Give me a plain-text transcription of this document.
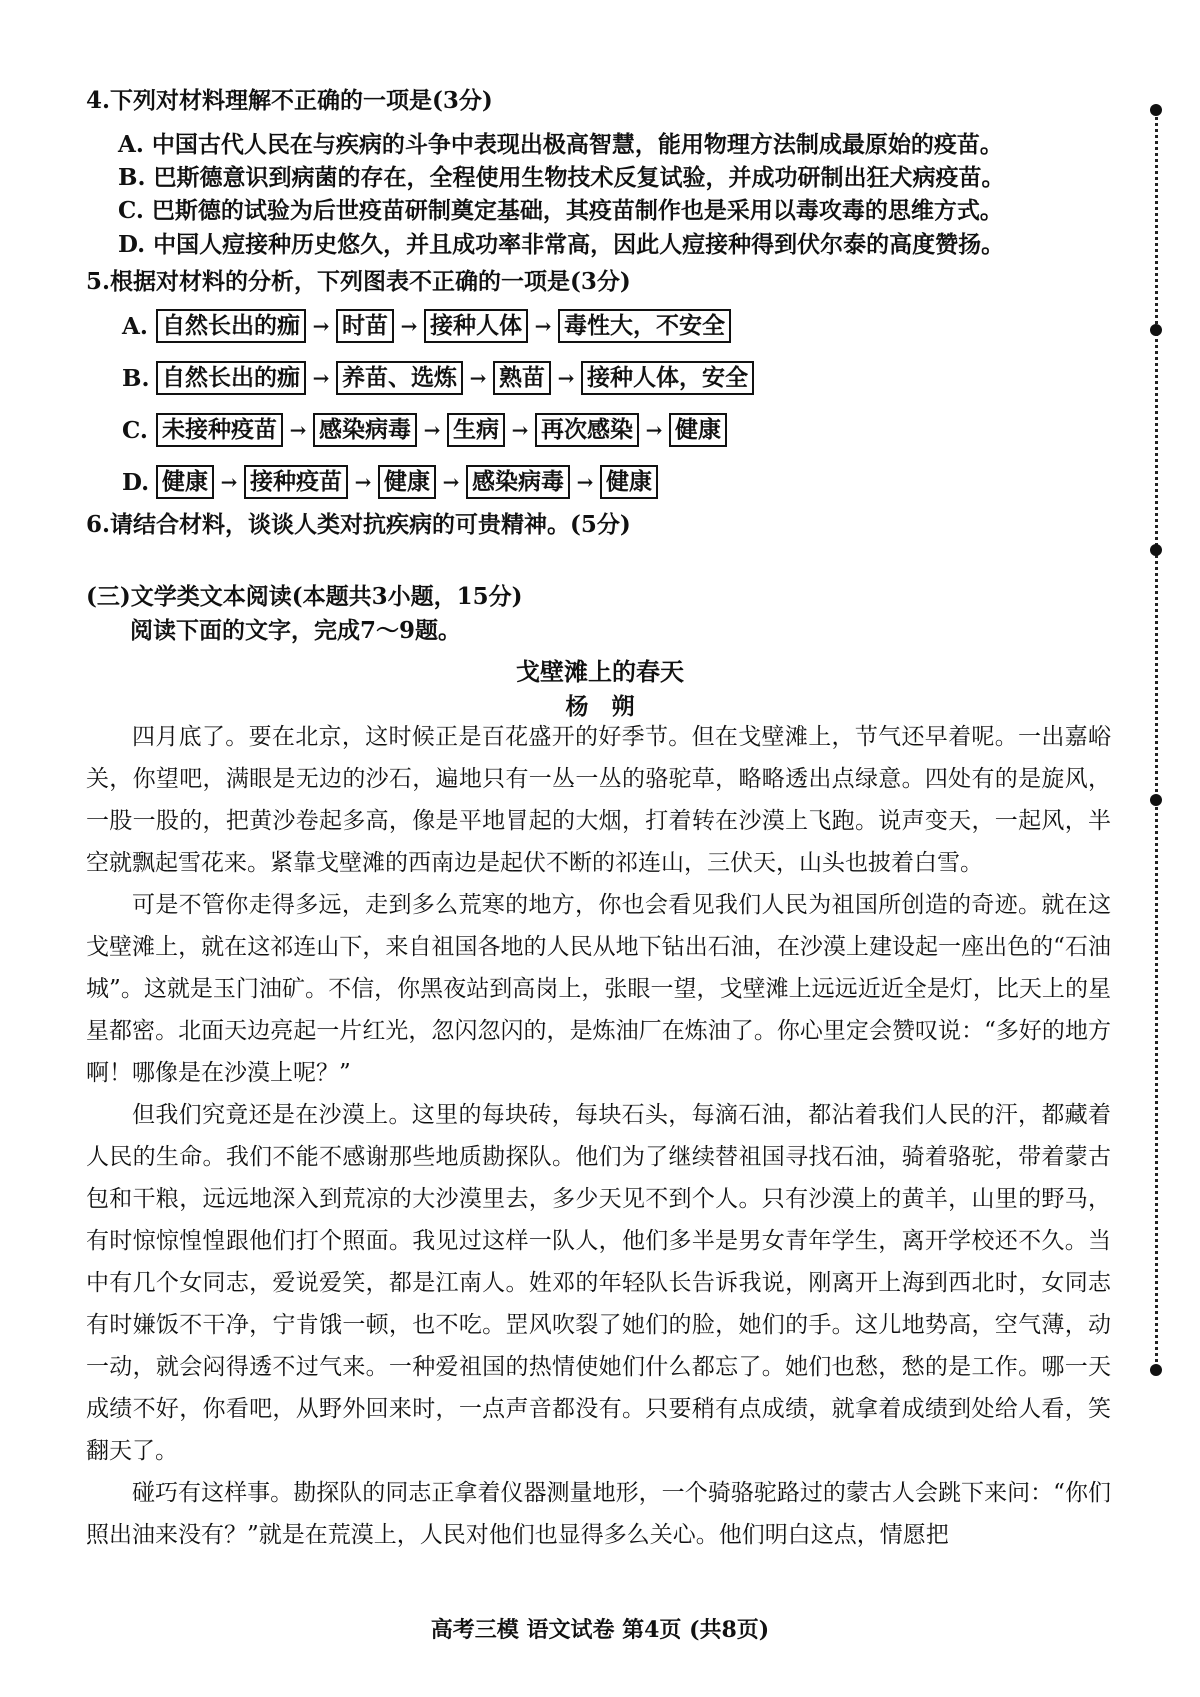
4.下列对材料理解不正确的一项是(3分)
A. 中国古代人民在与疾病的斗争中表现出极高智慧，能用物理方法制成最原始的疫苗。
B. 巴斯德意识到病菌的存在，全程使用生物技术反复试验，并成功研制出狂犬病疫苗。
C. 巴斯德的试验为后世疫苗研制奠定基础，其疫苗制作也是采用以毒攻毒的思维方式。
D. 中国人痘接种历史悠久，并且成功率非常高，因此人痘接种得到伏尔泰的高度赞扬。
5.根据对材料的分析，下列图表不正确的一项是(3分)
A. 自然长出的痂 → 时苗 → 接种人体 → 毒性大，不安全
B. 自然长出的痂 → 养苗、选炼 → 熟苗 → 接种人体，安全
C. 未接种疫苗 → 感染病毒 → 生病 → 再次感染 → 健康
D. 健康 → 接种疫苗 → 健康 → 感染病毒 → 健康
6.请结合材料，谈谈人类对抗疾病的可贵精神。(5分)
(三)文学类文本阅读(本题共3小题，15分)
阅读下面的文字，完成7～9题。
戈壁滩上的春天
杨　朔

四月底了。要在北京，这时候正是百花盛开的好季节。但在戈壁滩上，节气还早着呢。一出嘉峪关，你望吧，满眼是无边的沙石，遍地只有一丛一丛的骆驼草，略略透出点绿意。四处有的是旋风，一股一股的，把黄沙卷起多高，像是平地冒起的大烟，打着转在沙漠上飞跑。说声变天，一起风，半空就飘起雪花来。紧靠戈壁滩的西南边是起伏不断的祁连山，三伏天，山头也披着白雪。

可是不管你走得多远，走到多么荒寒的地方，你也会看见我们人民为祖国所创造的奇迹。就在这戈壁滩上，就在这祁连山下，来自祖国各地的人民从地下钻出石油，在沙漠上建设起一座出色的“石油城”。这就是玉门油矿。不信，你黑夜站到高岗上，张眼一望，戈壁滩上远远近近全是灯，比天上的星星都密。北面天边亮起一片红光，忽闪忽闪的，是炼油厂在炼油了。你心里定会赞叹说：“多好的地方啊！哪像是在沙漠上呢？”

但我们究竟还是在沙漠上。这里的每块砖，每块石头，每滴石油，都沾着我们人民的汗，都藏着人民的生命。我们不能不感谢那些地质勘探队。他们为了继续替祖国寻找石油，骑着骆驼，带着蒙古包和干粮，远远地深入到荒凉的大沙漠里去，多少天见不到个人。只有沙漠上的黄羊，山里的野马，有时惊惊惶惶跟他们打个照面。我见过这样一队人，他们多半是男女青年学生，离开学校还不久。当中有几个女同志，爱说爱笑，都是江南人。姓邓的年轻队长告诉我说，刚离开上海到西北时，女同志有时嫌饭不干净，宁肯饿一顿，也不吃。罡风吹裂了她们的脸，她们的手。这儿地势高，空气薄，动一动，就会闷得透不过气来。一种爱祖国的热情使她们什么都忘了。她们也愁，愁的是工作。哪一天成绩不好，你看吧，从野外回来时，一点声音都没有。只要稍有点成绩，就拿着成绩到处给人看，笑翻天了。

碰巧有这样事。勘探队的同志正拿着仪器测量地形，一个骑骆驼路过的蒙古人会跳下来问：“你们照出油来没有？”就是在荒漠上，人民对他们也显得多么关心。他们明白这点，情愿把

高考三模 语文试卷 第4页 (共8页)
